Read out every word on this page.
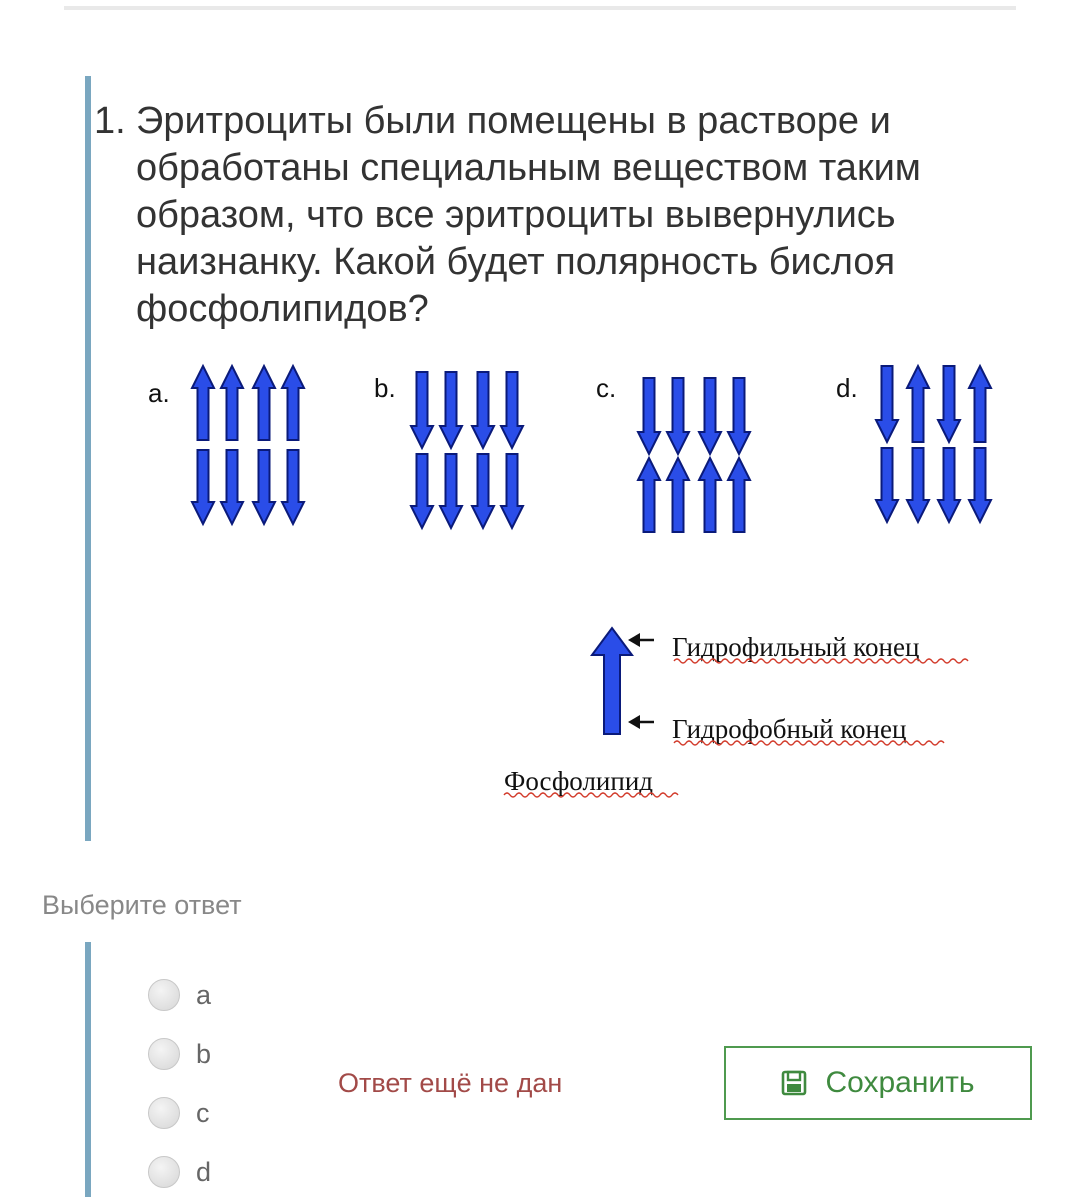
1. Эритроциты были помещены в растворе и обработаны специальным веществом таким образом, что все эритроциты вывернулись наизнанку. Какой будет полярность бислоя фосфолипидов?
a.	b.	c.	d.
Гидрофильный конец
Гидрофобный конец
Фосфолипид
Выберите ответ
a
b
c
d
Ответ ещё не дан	Сохранить
